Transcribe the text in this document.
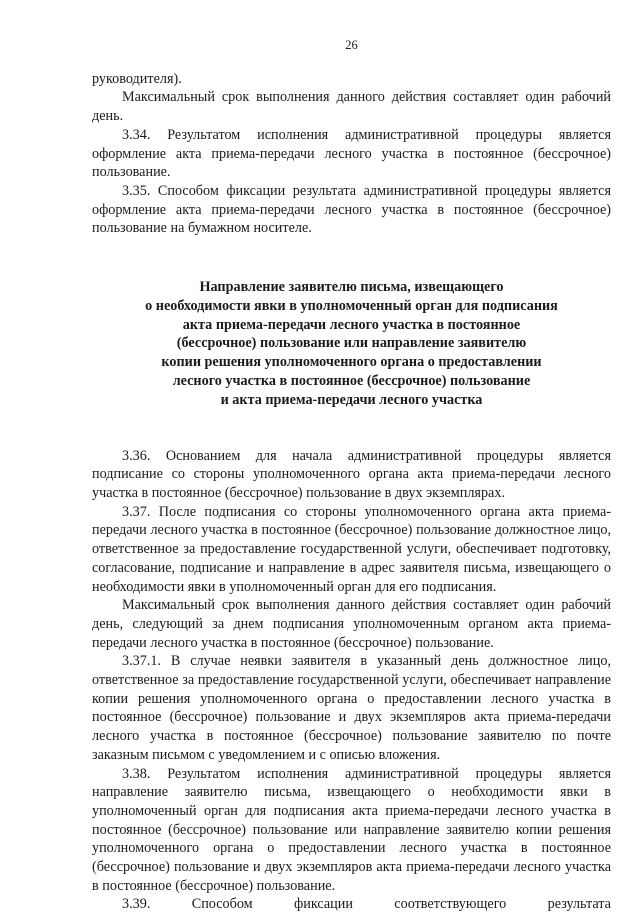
26

руководителя).

Максимальный срок выполнения данного действия составляет один рабочий день.

3.34. Результатом исполнения административной процедуры является оформление акта приема-передачи лесного участка в постоянное (бессрочное) пользование.

3.35. Способом фиксации результата административной процедуры является оформление акта приема-передачи лесного участка в постоянное (бессрочное) пользование на бумажном носителе.

Направление заявителю письма, извещающего
о необходимости явки в уполномоченный орган для подписания
акта приема-передачи лесного участка в постоянное
(бессрочное) пользование или направление заявителю
копии решения уполномоченного органа о предоставлении
лесного участка в постоянное (бессрочное) пользование
и акта приема-передачи лесного участка

3.36. Основанием для начала административной процедуры является подписание со стороны уполномоченного органа акта приема-передачи лесного участка в постоянное (бессрочное) пользование в двух экземплярах.

3.37. После подписания со стороны уполномоченного органа акта приема-передачи лесного участка в постоянное (бессрочное) пользование должностное лицо, ответственное за предоставление государственной услуги, обеспечивает подготовку, согласование, подписание и направление в адрес заявителя письма, извещающего о необходимости явки в уполномоченный орган для его подписания.

Максимальный срок выполнения данного действия составляет один рабочий день, следующий за днем подписания уполномоченным органом акта приема-передачи лесного участка в постоянное (бессрочное) пользование.

3.37.1. В случае неявки заявителя в указанный день должностное лицо, ответственное за предоставление государственной услуги, обеспечивает направление копии решения уполномоченного органа о предоставлении лесного участка в постоянное (бессрочное) пользование и двух экземпляров акта приема-передачи лесного участка в постоянное (бессрочное) пользование заявителю по почте заказным письмом с уведомлением и с описью вложения.

3.38. Результатом исполнения административной процедуры является направление заявителю письма, извещающего о необходимости явки в уполномоченный орган для подписания акта приема-передачи лесного участка в постоянное (бессрочное) пользование или направление заявителю копии решения уполномоченного органа о предоставлении лесного участка в постоянное (бессрочное) пользование и двух экземпляров акта приема-передачи лесного участка в постоянное (бессрочное) пользование.

3.39.	Способом	фиксации	соответствующего	результата
